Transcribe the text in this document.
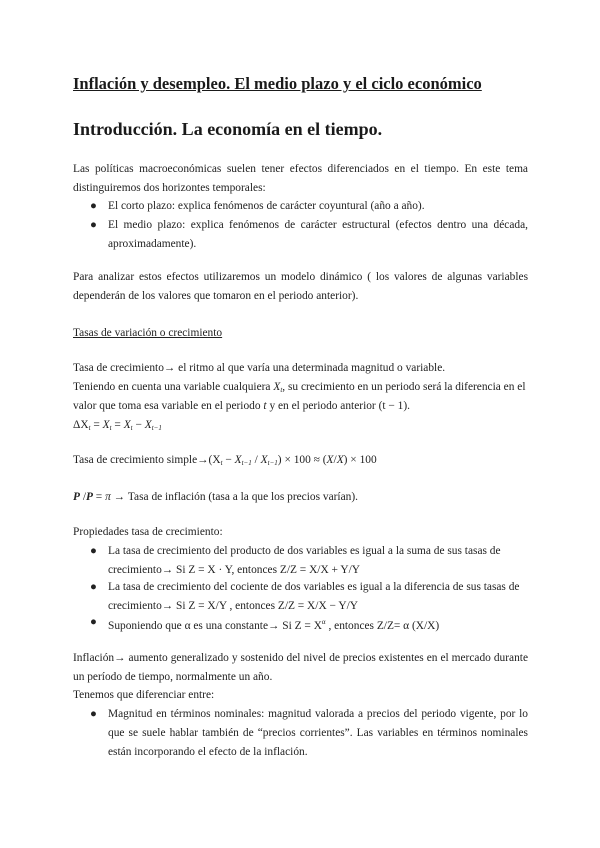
Inflación y desempleo. El medio plazo y el ciclo económico
Introducción. La economía en el tiempo.

Las políticas macroeconómicas suelen tener efectos diferenciados en el tiempo. En este tema distinguiremos dos horizontes temporales:

● El corto plazo: explica fenómenos de carácter coyuntural (año a año).
● El medio plazo: explica fenómenos de carácter estructural (efectos dentro una década, aproximadamente).

Para analizar estos efectos utilizaremos un modelo dinámico ( los valores de algunas variables dependerán de los valores que tomaron en el periodo anterior).

Tasas de variación o crecimiento

Tasa de crecimiento→ el ritmo al que varía una determinada magnitud o variable.

Teniendo en cuenta una variable cualquiera $X_t$, su crecimiento en un periodo será la diferencia en el

valor que toma esa variable en el periodo t y en el periodo anterior (t − 1).

$\Delta X_t = X_t = X_t - X_{t-1}$

Tasa de crecimiento $simple\to(X_t - X_{t-1} / X_{t-1}) \times 100 \approx (X/X) \times 100$

P /P = π → Tasa de inflación (tasa a la que los precios varían).

Propiedades tasa de crecimiento:

● La tasa de crecimiento del producto de dos variables es igual a la suma de sus tasas de
crecimiento→ Si Z = X · Y, entonces Z/Z = X/X + Y/Y
● La tasa de crecimiento del cociente de dos variables es igual a la diferencia de sus tasas de
crecimiento→ Si Z = X/Y , entonces Z/Z = X/X − Y/Y
● Suponiendo que α es una constante→ Si $Z = X^\alpha$ , entonces Z/Z= α (X/X)

Inflación→ aumento generalizado y sostenido del nivel de precios existentes en el mercado durante un período de tiempo, normalmente un año.

Tenemos que diferenciar entre:

● Magnitud en términos nominales: magnitud valorada a precios del periodo vigente, por lo que se suele hablar también de “precios corrientes”. Las variables en términos nominales están incorporando el efecto de la inflación.
